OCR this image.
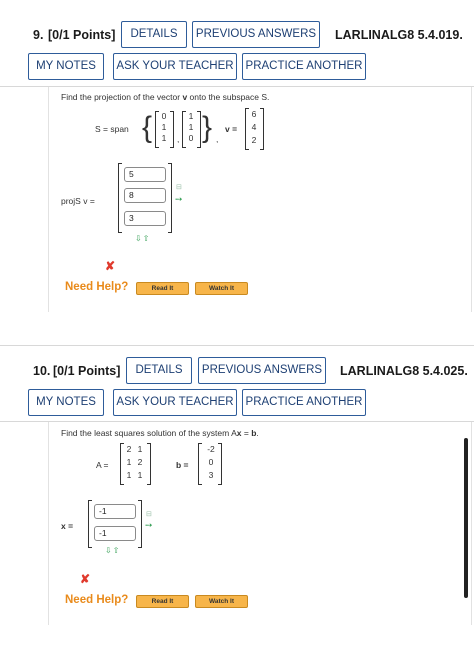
9. [0/1 Points]	DETAILS	PREVIOUS ANSWERS	LARLINALG8 5.4.019.
MY NOTES	ASK YOUR TEACHER	PRACTICE ANOTHER
Find the projection of the vector v onto the subspace S.
S = span { 0
1
1 ,
1
1
0 } ,
v =
6
4
2
projS v =
5
8
3
⊟
➙
⇩⇧
✘
Need Help?	Read It	Watch It
10. [0/1 Points]	DETAILS	PREVIOUS ANSWERS	LARLINALG8 5.4.025.
MY NOTES	ASK YOUR TEACHER	PRACTICE ANOTHER
Find the least squares solution of the system Ax = b.
A =
2 1
1 2
1 1
b =
-2
0
3
x =
-1
-1
⊟
➙
⇩⇧
✘
Need Help?	Read It	Watch It
